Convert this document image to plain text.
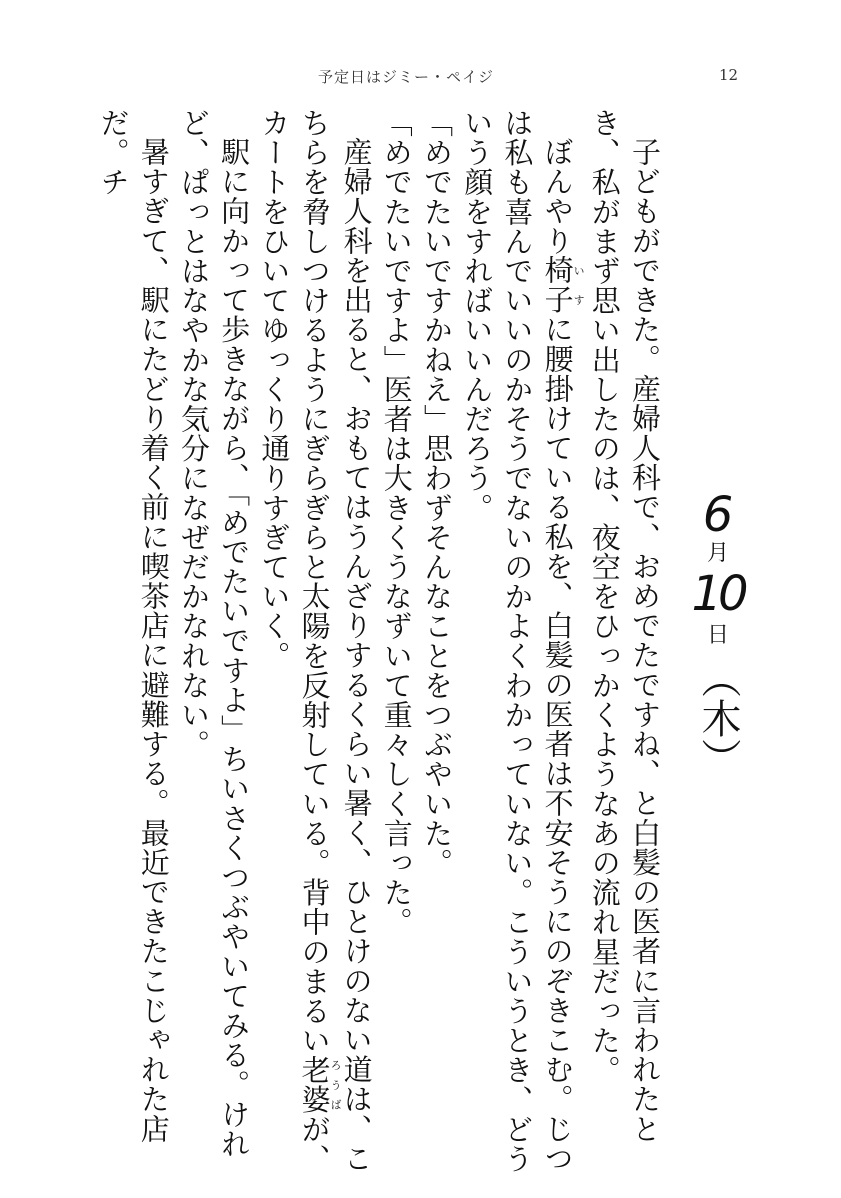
予定日はジミー・ペイジ	12
6
月
10
日
（木）

子どもができた。産婦人科で、おめでたですね、と白髪の医者に言われたとき、私がまず思い出したのは、夜空をひっかくようなあの流れ星だった。

ぼんやり椅子いすに腰掛けている私を、白髪の医者は不安そうにのぞきこむ。じつは私も喜んでいいのかそうでないのかよくわかっていない。こういうとき、どういう顔をすればいいんだろう。

「めでたいですかねえ」思わずそんなことをつぶやいた。

「めでたいですよ」医者は大きくうなずいて重々しく言った。

産婦人科を出ると、おもてはうんざりするくらい暑く、ひとけのない道は、こちらを脅しつけるようにぎらぎらと太陽を反射している。背中のまるい老婆ろうばが、カートをひいてゆっくり通りすぎていく。

駅に向かって歩きながら、「めでたいですよ」ちいさくつぶやいてみる。けれど、ぱっとはなやかな気分になぜだかなれない。

暑すぎて、駅にたどり着く前に喫茶店に避難する。最近できたこじゃれた店だ。チ
